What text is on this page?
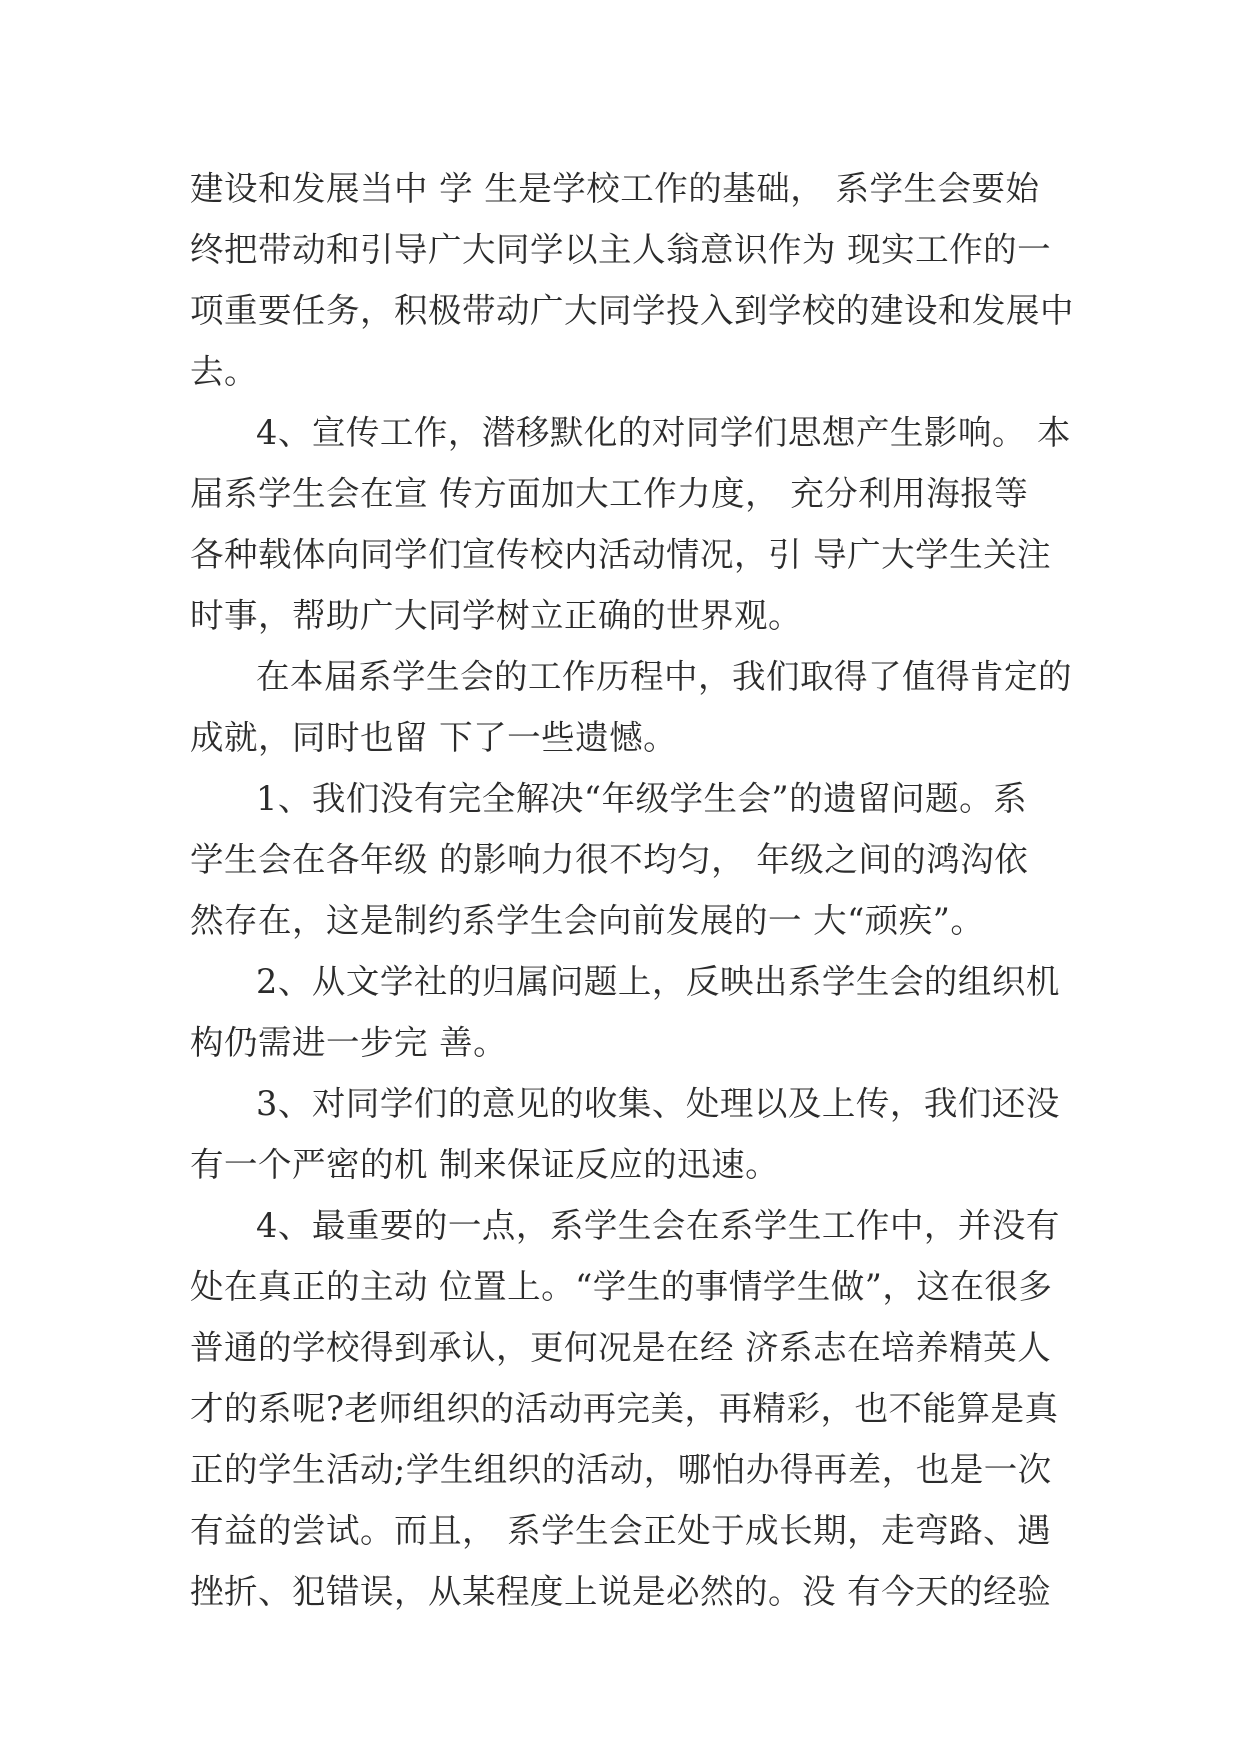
建设和发展当中 学 生是学校工作的基础， 系学生会要始
终把带动和引导广大同学以主人翁意识作为 现实工作的一
项重要任务，积极带动广大同学投入到学校的建设和发展中
去。
4、宣传工作，潜移默化的对同学们思想产生影响。 本
届系学生会在宣 传方面加大工作力度， 充分利用海报等
各种载体向同学们宣传校内活动情况，引 导广大学生关注
时事，帮助广大同学树立正确的世界观。
在本届系学生会的工作历程中，我们取得了值得肯定的
成就，同时也留 下了一些遗憾。
1、我们没有完全解决“年级学生会”的遗留问题。系
学生会在各年级 的影响力很不均匀， 年级之间的鸿沟依
然存在，这是制约系学生会向前发展的一 大“顽疾”。
2、从文学社的归属问题上，反映出系学生会的组织机
构仍需进一步完 善。
3、对同学们的意见的收集、处理以及上传，我们还没
有一个严密的机 制来保证反应的迅速。
4、最重要的一点，系学生会在系学生工作中，并没有
处在真正的主动 位置上。“学生的事情学生做”，这在很多
普通的学校得到承认，更何况是在经 济系志在培养精英人
才的系呢?老师组织的活动再完美，再精彩，也不能算是真
正的学生活动;学生组织的活动，哪怕办得再差，也是一次
有益的尝试。而且， 系学生会正处于成长期，走弯路、遇
挫折、犯错误，从某程度上说是必然的。没 有今天的经验
